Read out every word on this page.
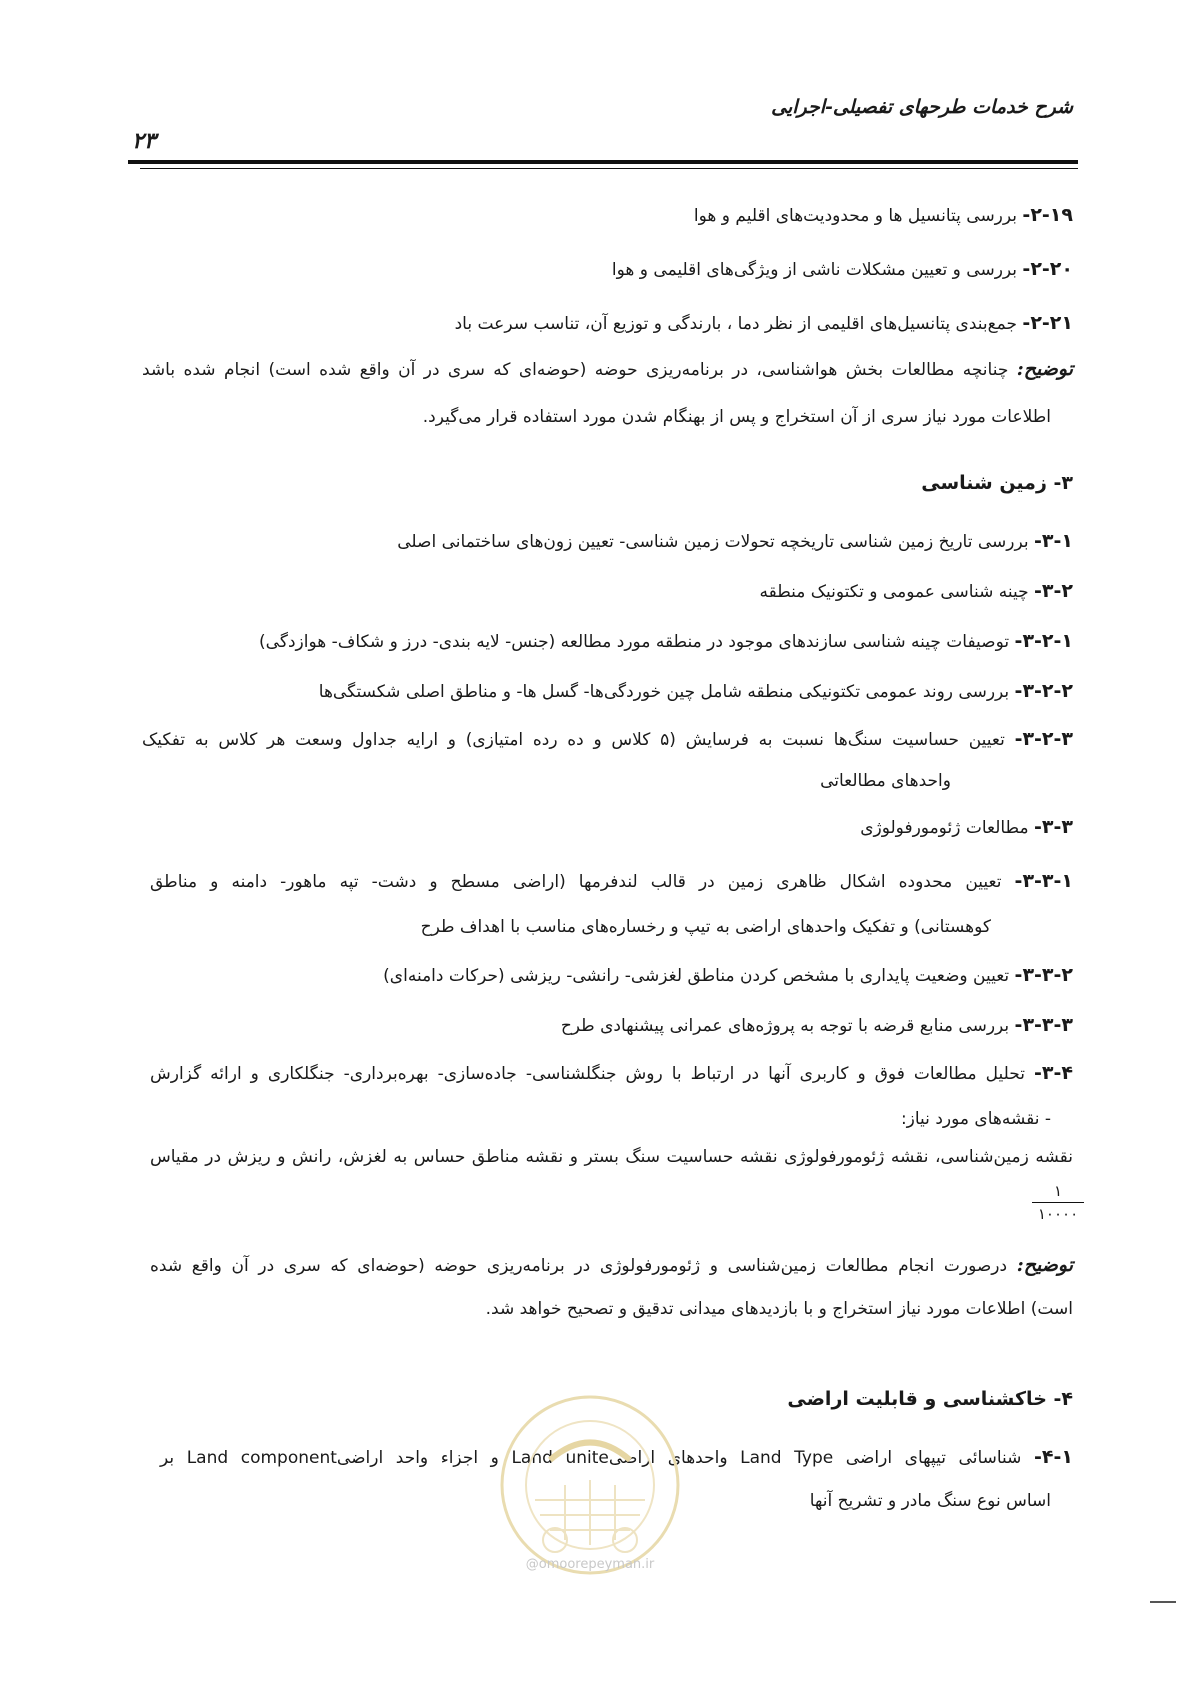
شرح خدمات طرحهای تفصیلی-اجرایی
۲۳
۲-۱۹- بررسی پتانسیل ها و محدودیت‌های اقلیم و هوا
۲-۲۰- بررسی و تعیین مشکلات ناشی از ویژگی‌های اقلیمی و هوا
۲-۲۱- جمع‌بندی پتانسیل‌های اقلیمی از نظر دما ، بارندگی و توزیع آن، تناسب سرعت باد
توضیح: چنانچه مطالعات بخش هواشناسی، در برنامه‌ریزی حوضه (حوضه‌ای که سری در آن واقع شده است) انجام شده باشد
اطلاعات مورد نیاز سری از آن استخراج و پس از بهنگام شدن مورد استفاده قرار می‌گیرد.
۳- زمین شناسی
۳-۱- بررسی تاریخ زمین شناسی تاریخچه تحولات زمین شناسی- تعیین زون‌های ساختمانی اصلی
۳-۲- چینه شناسی عمومی و تکتونیک منطقه
۳-۲-۱- توصیفات چینه شناسی سازندهای موجود در منطقه مورد مطالعه (جنس- لایه بندی- درز و شکاف- هوازدگی)
۳-۲-۲- بررسی روند عمومی تکتونیکی منطقه شامل چین خوردگی‌ها- گسل ها- و مناطق اصلی شکستگی‌ها
۳-۲-۳- تعیین حساسیت سنگ‌ها نسبت به فرسایش (۵ کلاس و ده رده امتیازی) و ارایه جداول وسعت هر کلاس به تفکیک
واحدهای مطالعاتی
۳-۳- مطالعات ژئومورفولوژی
۳-۳-۱- تعیین محدوده اشکال ظاهری زمین در قالب لندفرمها (اراضی مسطح و دشت- تپه ماهور- دامنه و مناطق
کوهستانی) و تفکیک واحدهای اراضی به تیپ و رخساره‌های مناسب با اهداف طرح
۳-۳-۲- تعیین وضعیت پایداری با مشخص کردن مناطق لغزشی- رانشی- ریزشی (حرکات دامنه‌ای)
۳-۳-۳- بررسی منابع قرضه با توجه به پروژه‌های عمرانی پیشنهادی طرح
۳-۴- تحلیل مطالعات فوق و کاربری آنها در ارتباط با روش جنگلشناسی- جاده‌سازی- بهره‌برداری- جنگلکاری و ارائه گزارش
- نقشه‌های مورد نیاز:
نقشه زمین‌شناسی، نقشه ژئومورفولوژی نقشه حساسیت سنگ بستر و نقشه مناطق حساس به لغزش، رانش و ریزش در مقیاس
۱
۱۰۰۰۰
توضیح: درصورت انجام مطالعات زمین‌شناسی و ژئومورفولوژی در برنامه‌ریزی حوضه (حوضه‌ای که سری در آن واقع شده
است) اطلاعات مورد نیاز استخراج و با بازدیدهای میدانی تدقیق و تصحیح خواهد شد.
۴- خاکشناسی و قابلیت اراضی
۴-۱- شناسائی تیپهای اراضی Land Type واحدهای اراضیLand unite و اجزاء واحد اراضیLand component بر
اساس نوع سنگ مادر و تشریح آنها
@omoorepeyman.ir
